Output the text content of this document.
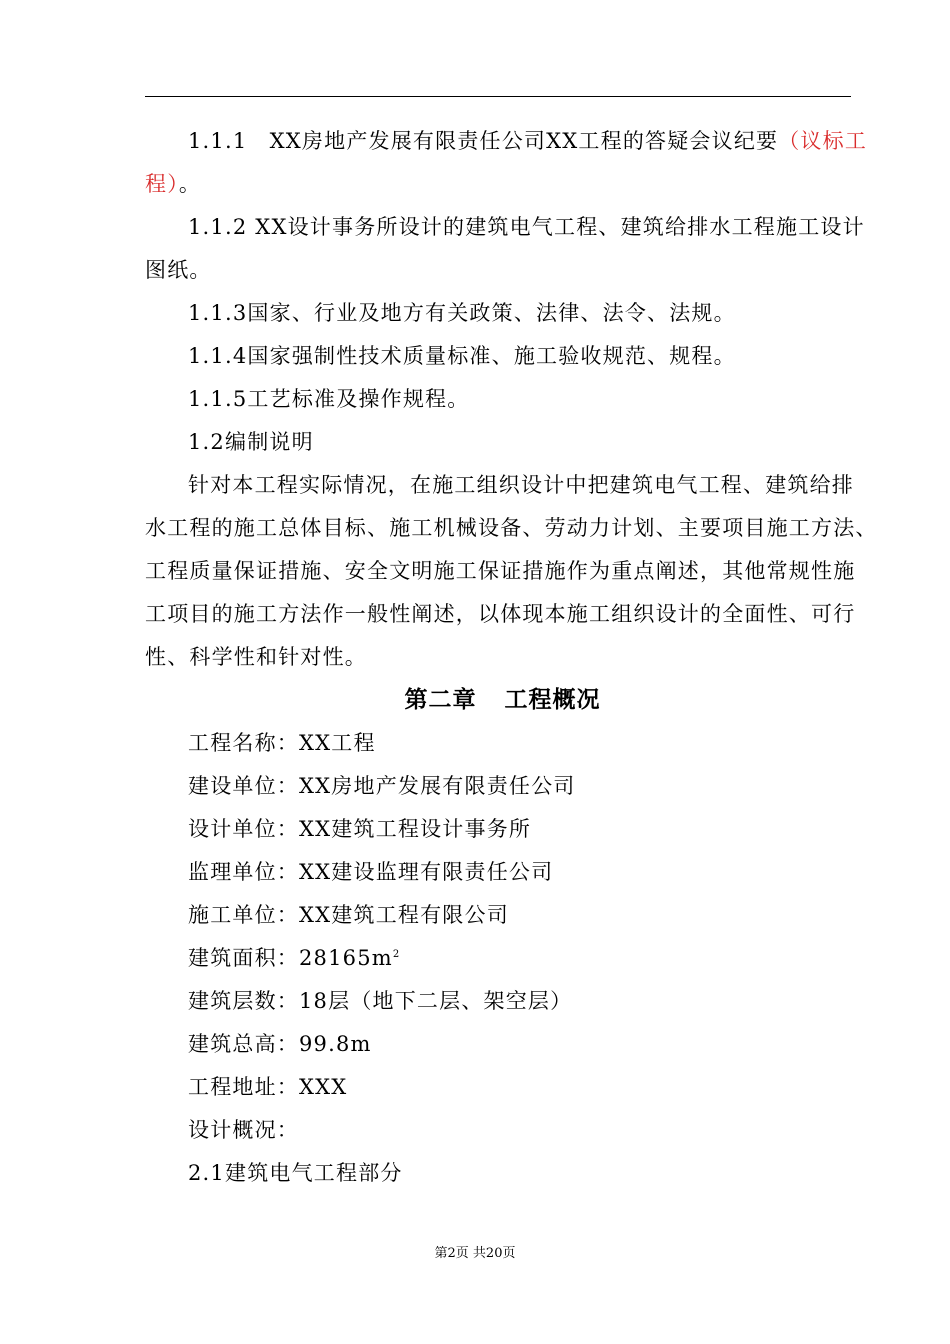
1.1.1　XX房地产发展有限责任公司XX工程的答疑会议纪要（议标工
程）。
1.1.2 XX设计事务所设计的建筑电气工程、建筑给排水工程施工设计
图纸。
1.1.3国家、行业及地方有关政策、法律、法令、法规。
1.1.4国家强制性技术质量标准、施工验收规范、规程。
1.1.5工艺标准及操作规程。
1.2编制说明
针对本工程实际情况，在施工组织设计中把建筑电气工程、建筑给排
水工程的施工总体目标、施工机械设备、劳动力计划、主要项目施工方法、
工程质量保证措施、安全文明施工保证措施作为重点阐述，其他常规性施
工项目的施工方法作一般性阐述，以体现本施工组织设计的全面性、可行
性、科学性和针对性。
第二章 工程概况
工程名称：XX工程
建设单位：XX房地产发展有限责任公司
设计单位：XX建筑工程设计事务所
监理单位：XX建设监理有限责任公司
施工单位：XX建筑工程有限公司
建筑面积：$28165m^2$
建筑层数：18层（地下二层、架空层）
建筑总高：99.8m
工程地址：XXX
设计概况：
2.1建筑电气工程部分
第2页 共20页
